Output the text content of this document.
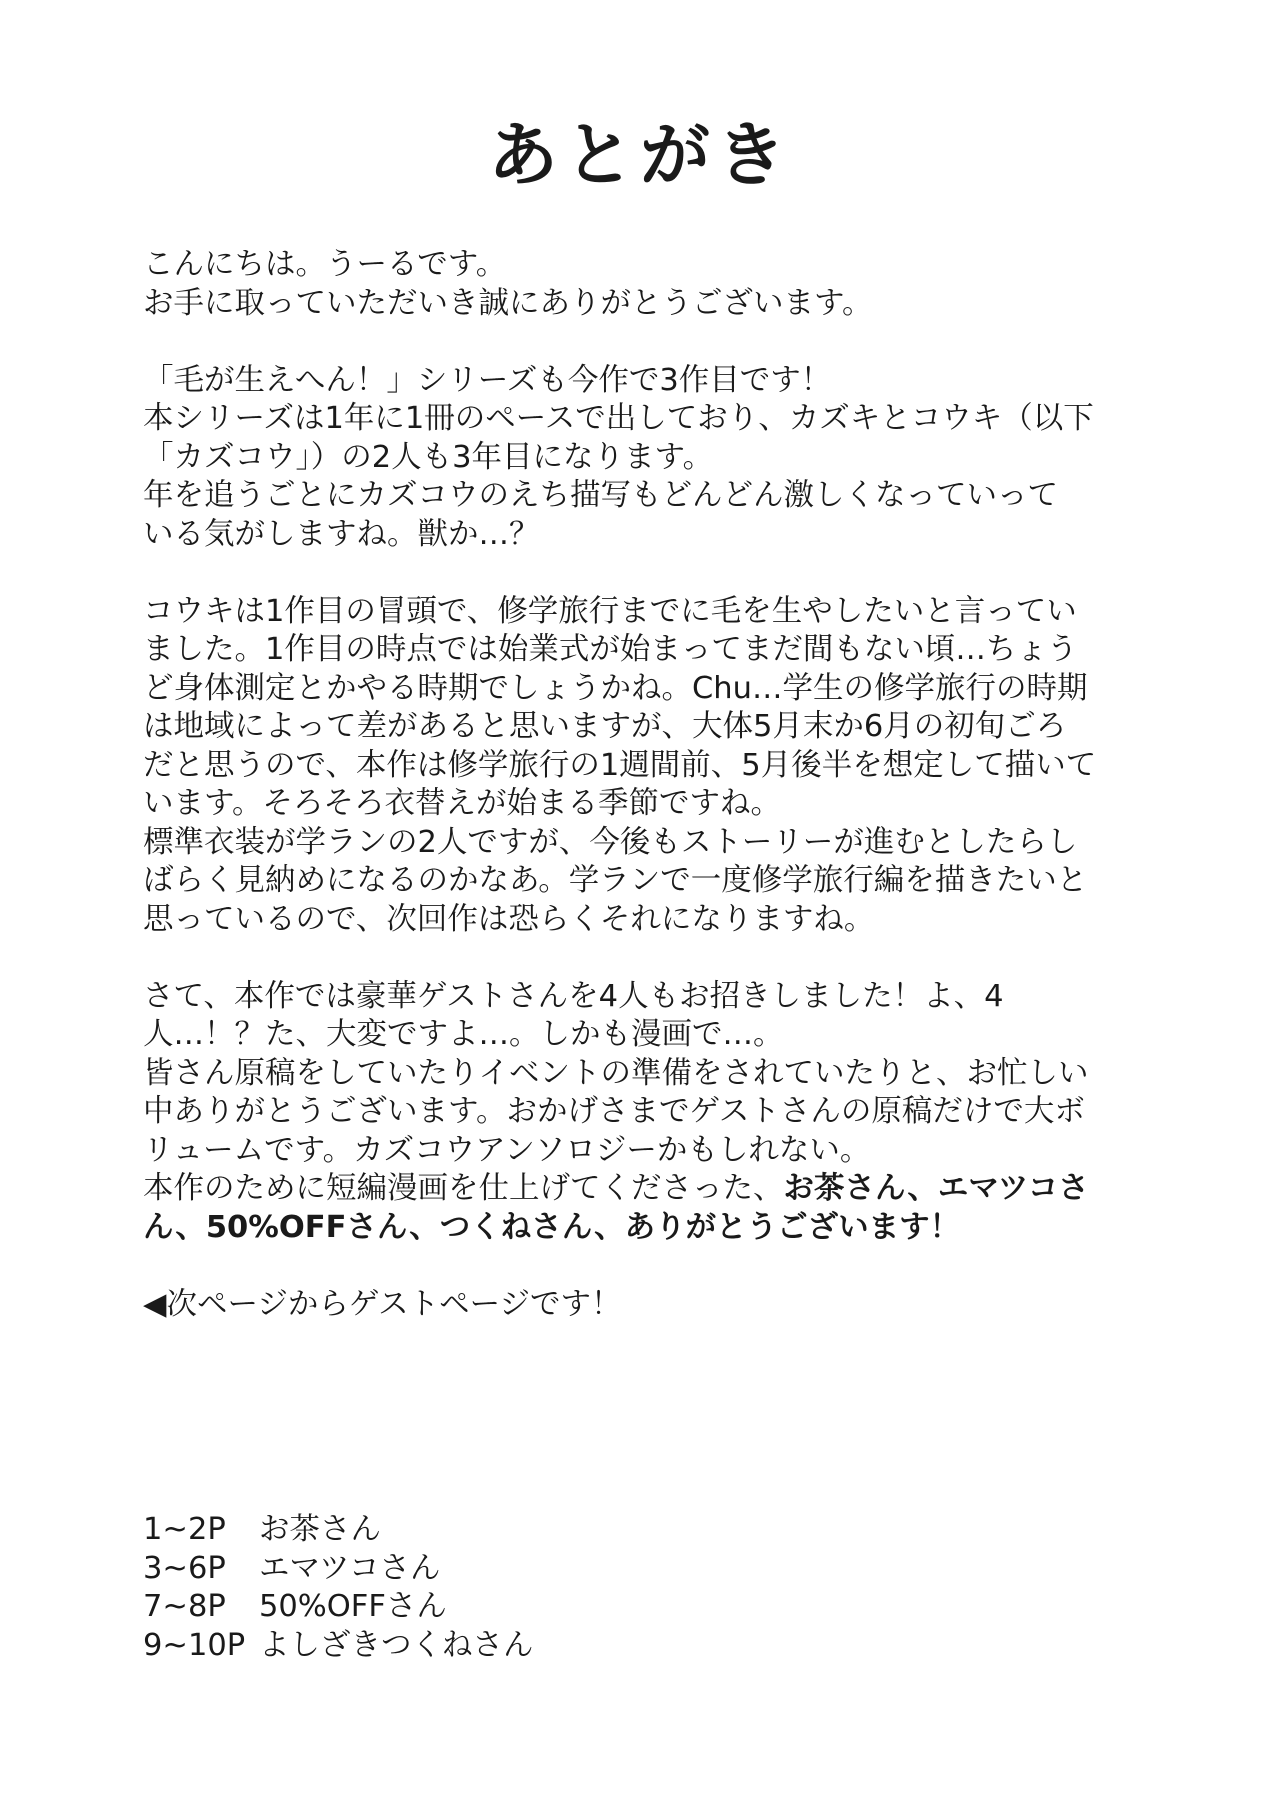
あとがき
こんにちは。うーるです。
お手に取っていただいき誠にありがとうございます。
「毛が生えへん！」シリーズも今作で3作目です！
本シリーズは1年に1冊のペースで出しており、カズキとコウキ（以下
「カズコウ」）の2人も3年目になります。
年を追うごとにカズコウのえち描写もどんどん激しくなっていって
いる気がしますね。獣か…？
コウキは1作目の冒頭で、修学旅行までに毛を生やしたいと言ってい
ました。1作目の時点では始業式が始まってまだ間もない頃…ちょう
ど身体測定とかやる時期でしょうかね。Chu…学生の修学旅行の時期
は地域によって差があると思いますが、大体5月末か6月の初旬ごろ
だと思うので、本作は修学旅行の1週間前、5月後半を想定して描いて
います。そろそろ衣替えが始まる季節ですね。
標準衣装が学ランの2人ですが、今後もストーリーが進むとしたらし
ばらく見納めになるのかなあ。学ランで一度修学旅行編を描きたいと
思っているので、次回作は恐らくそれになりますね。
さて、本作では豪華ゲストさんを4人もお招きしました！よ、4
人…！？た、大変ですよ…。しかも漫画で…。
皆さん原稿をしていたりイベントの準備をされていたりと、お忙しい
中ありがとうございます。おかげさまでゲストさんの原稿だけで大ボ
リュームです。カズコウアンソロジーかもしれない。
本作のために短編漫画を仕上げてくださった、お茶さん、エマツコさ
ん、50%OFFさん、つくねさん、ありがとうございます！
◀次ページからゲストページです！
1~2P	お茶さん
3~6P	エマツコさん
7~8P	50%OFFさん
9~10P よしざきつくねさん
